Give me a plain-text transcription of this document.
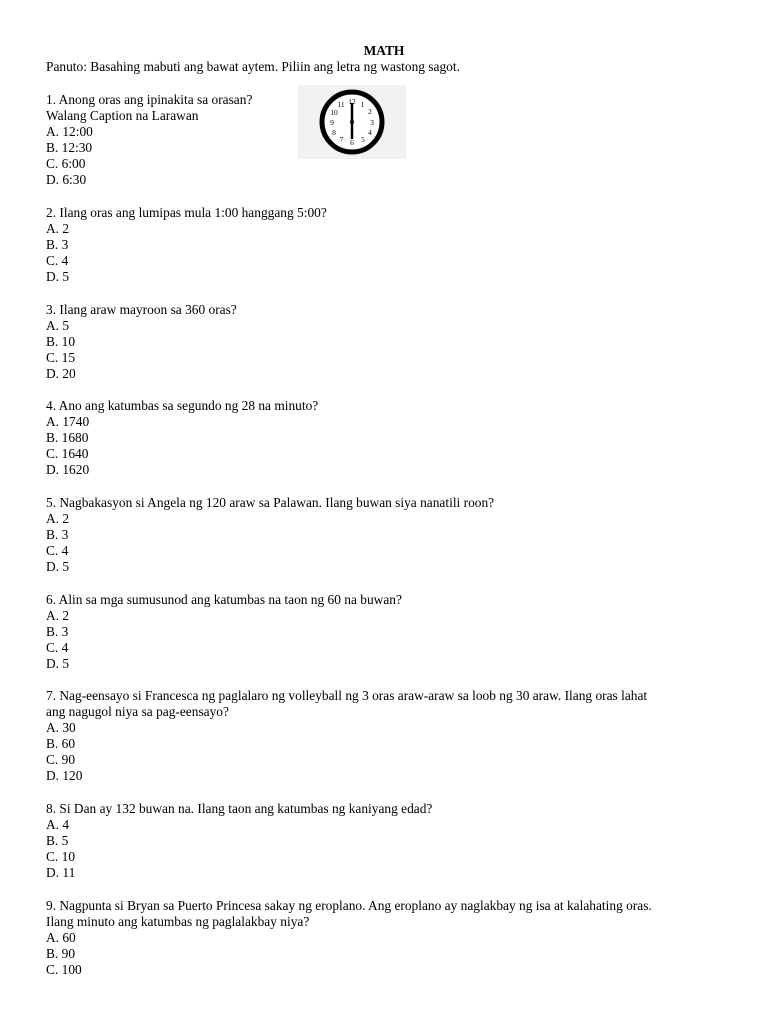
MATH
Panuto: Basahing mabuti ang bawat aytem. Piliin ang letra ng wastong sagot.
1. Anong oras ang ipinakita sa orasan?
Walang Caption na Larawan
A. 12:00
B. 12:30
C. 6:00
D. 6:30
12 1
2
3
4
5
6
7
8
9
10
11
2. Ilang oras ang lumipas mula 1:00 hanggang 5:00?
A. 2
B. 3
C. 4
D. 5
3. Ilang araw mayroon sa 360 oras?
A. 5
B. 10
C. 15
D. 20
4. Ano ang katumbas sa segundo ng 28 na minuto?
A. 1740
B. 1680
C. 1640
D. 1620
5. Nagbakasyon si Angela ng 120 araw sa Palawan. Ilang buwan siya nanatili roon?
A. 2
B. 3
C. 4
D. 5
6. Alin sa mga sumusunod ang katumbas na taon ng 60 na buwan?
A. 2
B. 3
C. 4
D. 5
7. Nag-eensayo si Francesca ng paglalaro ng volleyball ng 3 oras araw-araw sa loob ng 30 araw. Ilang oras lahat
ang nagugol niya sa pag-eensayo?
A. 30
B. 60
C. 90
D. 120
8. Si Dan ay 132 buwan na. Ilang taon ang katumbas ng kaniyang edad?
A. 4
B. 5
C. 10
D. 11
9. Nagpunta si Bryan sa Puerto Princesa sakay ng eroplano. Ang eroplano ay naglakbay ng isa at kalahating oras.
Ilang minuto ang katumbas ng paglalakbay niya?
A. 60
B. 90
C. 100
